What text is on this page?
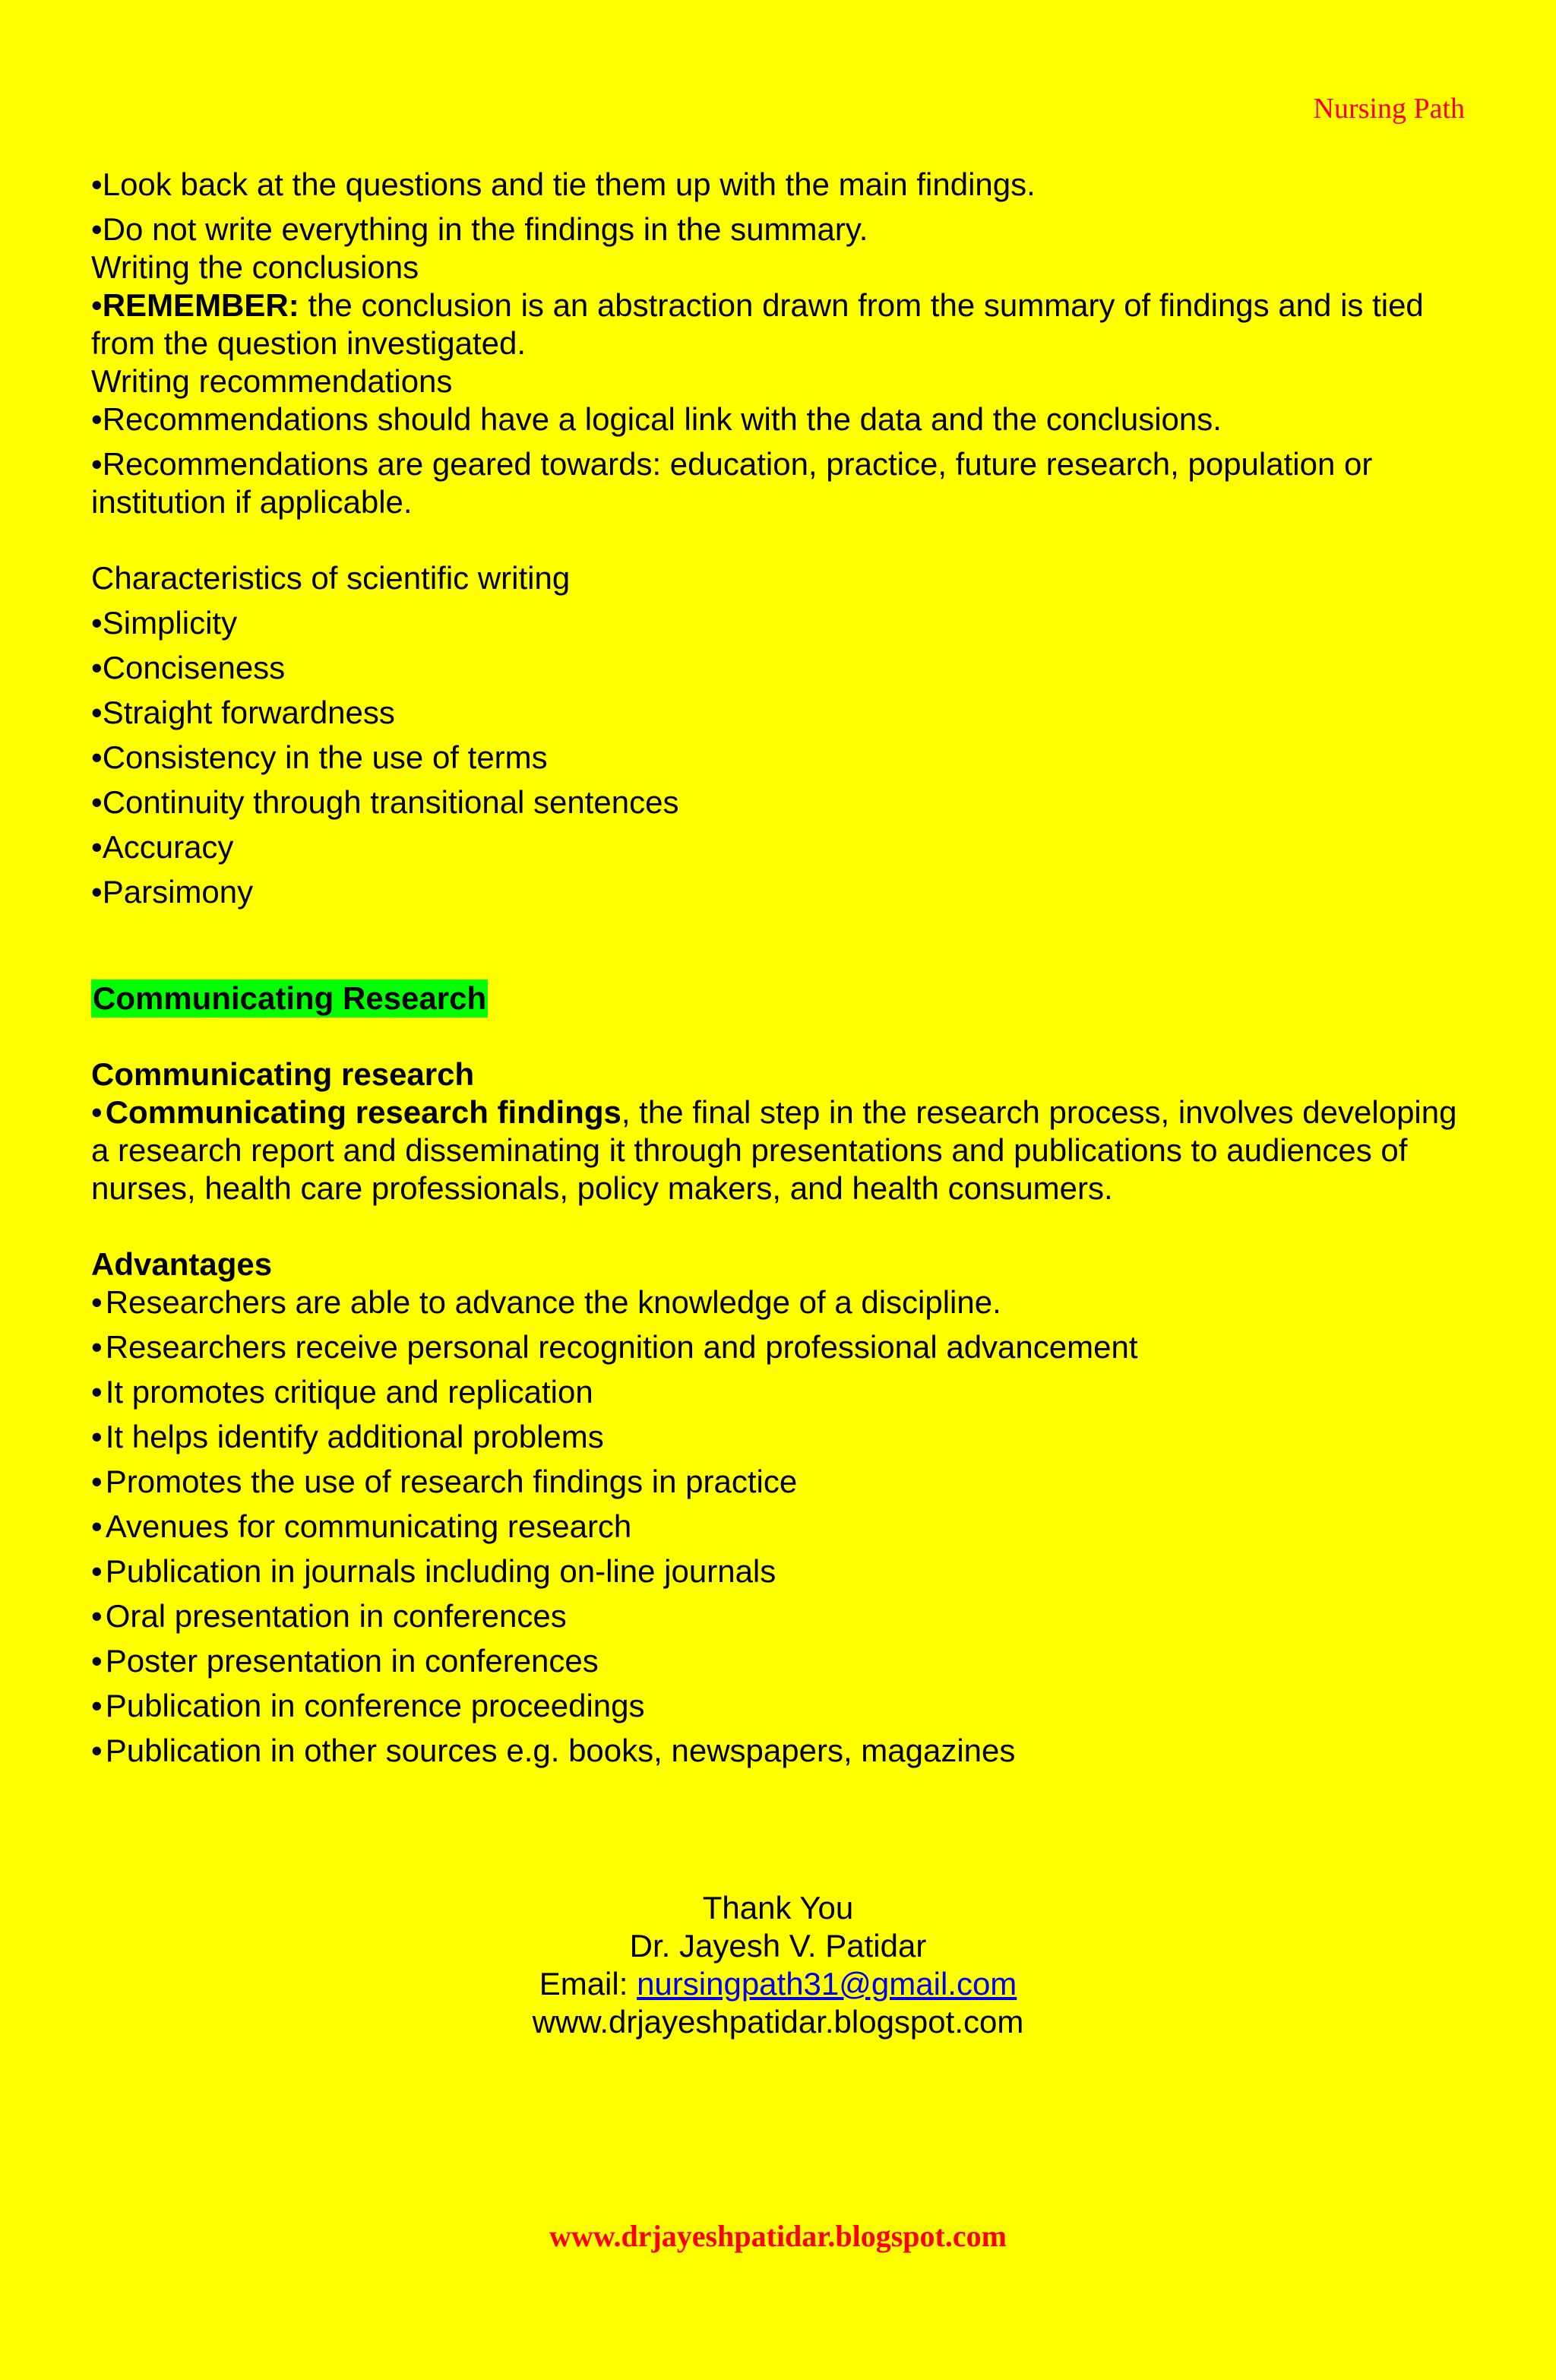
Nursing Path
• Look back at the questions and tie them up with the main findings.
• Do not write everything in the findings in the summary.
Writing the conclusions
• REMEMBER: the conclusion is an abstraction drawn from the summary of findings and is tied from the question investigated.
Writing recommendations
• Recommendations should have a logical link with the data and the conclusions.
• Recommendations are geared towards: education, practice, future research, population or institution if applicable.
Characteristics of scientific writing
• Simplicity
• Conciseness
• Straight forwardness
• Consistency in the use of terms
• Continuity through transitional sentences
• Accuracy
• Parsimony
Communicating Research
Communicating research
• Communicating research findings, the final step in the research process, involves developing a research report and disseminating it through presentations and publications to audiences of nurses, health care professionals, policy makers, and health consumers.
Advantages
• Researchers are able to advance the knowledge of a discipline.
• Researchers receive personal recognition and professional advancement
• It promotes critique and replication
• It helps identify additional problems
• Promotes the use of research findings in practice
• Avenues for communicating research
• Publication in journals including on-line journals
• Oral presentation in conferences
• Poster presentation in conferences
• Publication in conference proceedings
• Publication in other sources e.g. books, newspapers, magazines
Thank You
Dr. Jayesh V. Patidar
Email: nursingpath31@gmail.com
www.drjayeshpatidar.blogspot.com
www.drjayeshpatidar.blogspot.com
